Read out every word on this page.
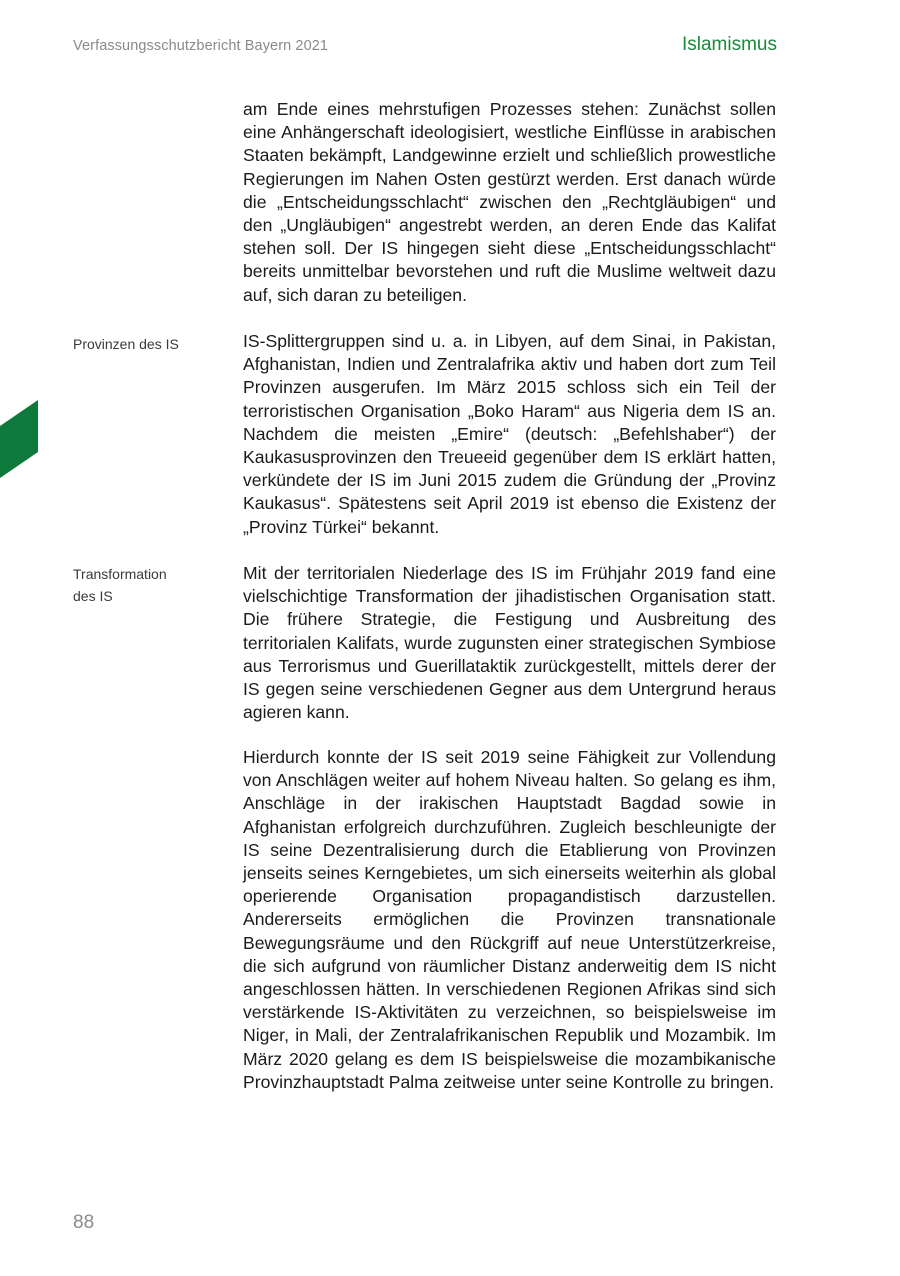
Verfassungsschutzbericht Bayern 2021	Islamismus

am Ende eines mehrstufigen Prozesses stehen: Zunächst sollen eine Anhängerschaft ideologisiert, westliche Einflüsse in arabischen Staaten bekämpft, Landgewinne erzielt und schließlich prowestliche Regierungen im Nahen Osten gestürzt werden. Erst danach würde die „Entscheidungsschlacht“ zwischen den „Rechtgläubigen“ und den „Ungläubigen“ angestrebt werden, an deren Ende das Kalifat stehen soll. Der IS hingegen sieht diese „Entscheidungsschlacht“ bereits unmittelbar bevorstehen und ruft die Muslime weltweit dazu auf, sich daran zu beteiligen.

Provinzen des IS	IS-Splittergruppen sind u. a. in Libyen, auf dem Sinai, in Pakistan, Afghanistan, Indien und Zentralafrika aktiv und haben dort zum Teil Provinzen ausgerufen. Im März 2015 schloss sich ein Teil der terroristischen Organisation „Boko Haram“ aus Nigeria dem IS an. Nachdem die meisten „Emire“ (deutsch: „Befehlshaber“) der Kaukasusprovinzen den Treueeid gegenüber dem IS erklärt hatten, verkündete der IS im Juni 2015 zudem die Gründung der „Provinz Kaukasus“. Spätestens seit April 2019 ist ebenso die Existenz der „Provinz Türkei“ bekannt.

Transformation
des IS

Mit der territorialen Niederlage des IS im Frühjahr 2019 fand eine vielschichtige Transformation der jihadistischen Organisation statt. Die frühere Strategie, die Festigung und Ausbreitung des territorialen Kalifats, wurde zugunsten einer strategischen Symbiose aus Terrorismus und Guerillataktik zurückgestellt, mittels derer der IS gegen seine verschiedenen Gegner aus dem Untergrund heraus agieren kann.

Hierdurch konnte der IS seit 2019 seine Fähigkeit zur Vollendung von Anschlägen weiter auf hohem Niveau halten. So gelang es ihm, Anschläge in der irakischen Hauptstadt Bagdad sowie in Afghanistan erfolgreich durchzuführen. Zugleich beschleunigte der IS seine Dezentralisierung durch die Etablierung von Provinzen jenseits seines Kerngebietes, um sich einerseits weiterhin als global operierende Organisation propagandistisch darzustellen. Andererseits ermöglichen die Provinzen transnationale Bewegungsräume und den Rückgriff auf neue Unterstützerkreise, die sich aufgrund von räumlicher Distanz anderweitig dem IS nicht angeschlossen hätten. In verschiedenen Regionen Afrikas sind sich verstärkende IS-Aktivitäten zu verzeichnen, so beispielsweise im Niger, in Mali, der Zentralafrikanischen Republik und Mozambik. Im März 2020 gelang es dem IS beispielsweise die mozambikanische Provinzhauptstadt Palma zeitweise unter seine Kontrolle zu bringen.

88
